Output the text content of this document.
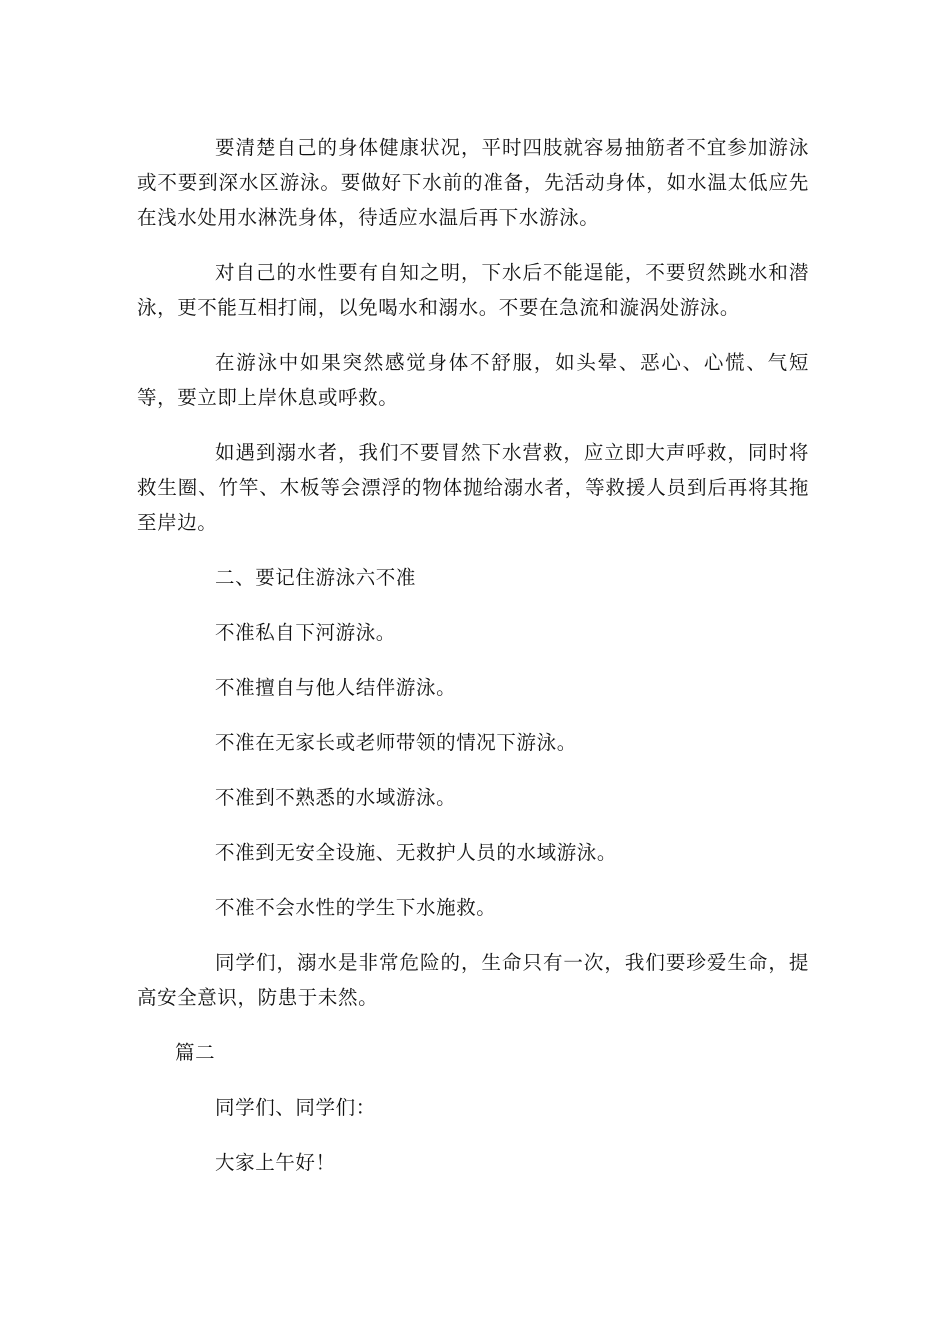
要清楚自己的身体健康状况，平时四肢就容易抽筋者不宜参加游泳或不要到深水区游泳。要做好下水前的准备，先活动身体，如水温太低应先在浅水处用水淋洗身体，待适应水温后再下水游泳。

对自己的水性要有自知之明，下水后不能逞能，不要贸然跳水和潜泳，更不能互相打闹，以免喝水和溺水。不要在急流和漩涡处游泳。

在游泳中如果突然感觉身体不舒服，如头晕、恶心、心慌、气短等，要立即上岸休息或呼救。

如遇到溺水者，我们不要冒然下水营救，应立即大声呼救，同时将救生圈、竹竿、木板等会漂浮的物体抛给溺水者，等救援人员到后再将其拖至岸边。

二、要记住游泳六不准

不准私自下河游泳。

不准擅自与他人结伴游泳。

不准在无家长或老师带领的情况下游泳。

不准到不熟悉的水域游泳。

不准到无安全设施、无救护人员的水域游泳。

不准不会水性的学生下水施救。

同学们，溺水是非常危险的，生命只有一次，我们要珍爱生命，提高安全意识，防患于未然。

篇二

同学们、同学们：

大家上午好！
